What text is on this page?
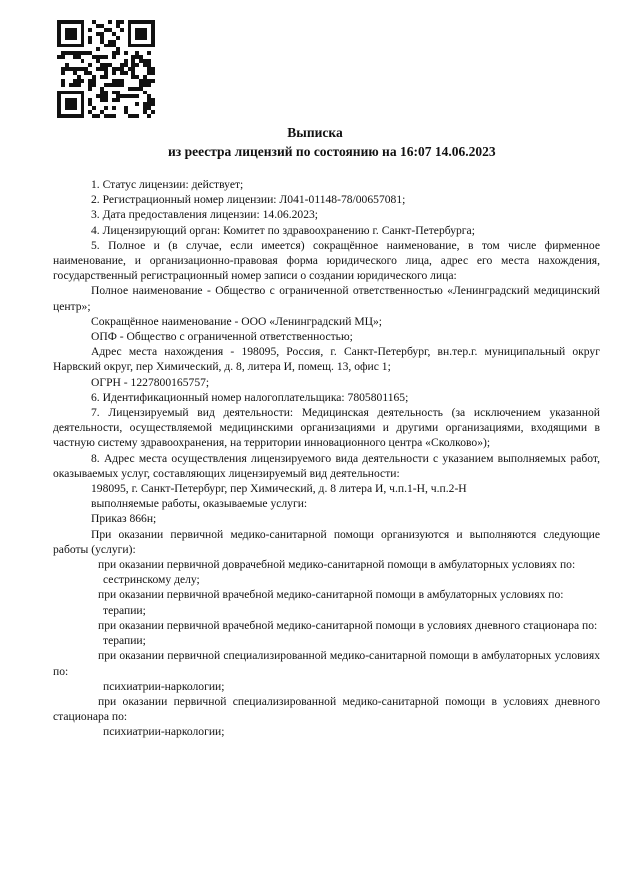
Выписка
из реестра лицензий по состоянию на 16:07 14.06.2023

1. Статус лицензии: действует;

2. Регистрационный номер лицензии: Л041-01148-78/00657081;

3. Дата предоставления лицензии: 14.06.2023;

4. Лицензирующий орган: Комитет по здравоохранению г. Санкт-Петербурга;

5. Полное и (в случае, если имеется) сокращённое наименование, в том числе фирменное наименование, и организационно-правовая форма юридического лица, адрес его места нахождения, государственный регистрационный номер записи о создании юридического лица:

Полное наименование - Общество с ограниченной ответственностью «Ленинградский медицинский центр»;

Сокращённое наименование - ООО «Ленинградский МЦ»;

ОПФ - Общество с ограниченной ответственностью;

Адрес места нахождения - 198095, Россия, г. Санкт-Петербург, вн.тер.г. муниципальный округ Нарвский округ, пер Химический, д. 8, литера И, помещ. 13, офис 1;

ОГРН - 1227800165757;

6. Идентификационный номер налогоплательщика: 7805801165;

7. Лицензируемый вид деятельности: Медицинская деятельность (за исключением указанной деятельности, осуществляемой медицинскими организациями и другими организациями, входящими в частную систему здравоохранения, на территории инновационного центра «Сколково»);

8. Адрес места осуществления лицензируемого вида деятельности с указанием выполняемых работ, оказываемых услуг, составляющих лицензируемый вид деятельности:

198095, г. Санкт-Петербург, пер Химический, д. 8 литера И, ч.п.1-Н, ч.п.2-Н

выполняемые работы, оказываемые услуги:

Приказ 866н;

При оказании первичной медико-санитарной помощи организуются и выполняются следующие работы (услуги):

при оказании первичной доврачебной медико-санитарной помощи в амбулаторных условиях по:

сестринскому делу;

при оказании первичной врачебной медико-санитарной помощи в амбулаторных условиях по:

терапии;

при оказании первичной врачебной медико-санитарной помощи в условиях дневного стационара по:

терапии;

при оказании первичной специализированной медико-санитарной помощи в амбулаторных условиях по:

психиатрии-наркологии;

при оказании первичной специализированной медико-санитарной помощи в условиях дневного стационара по:

психиатрии-наркологии;
